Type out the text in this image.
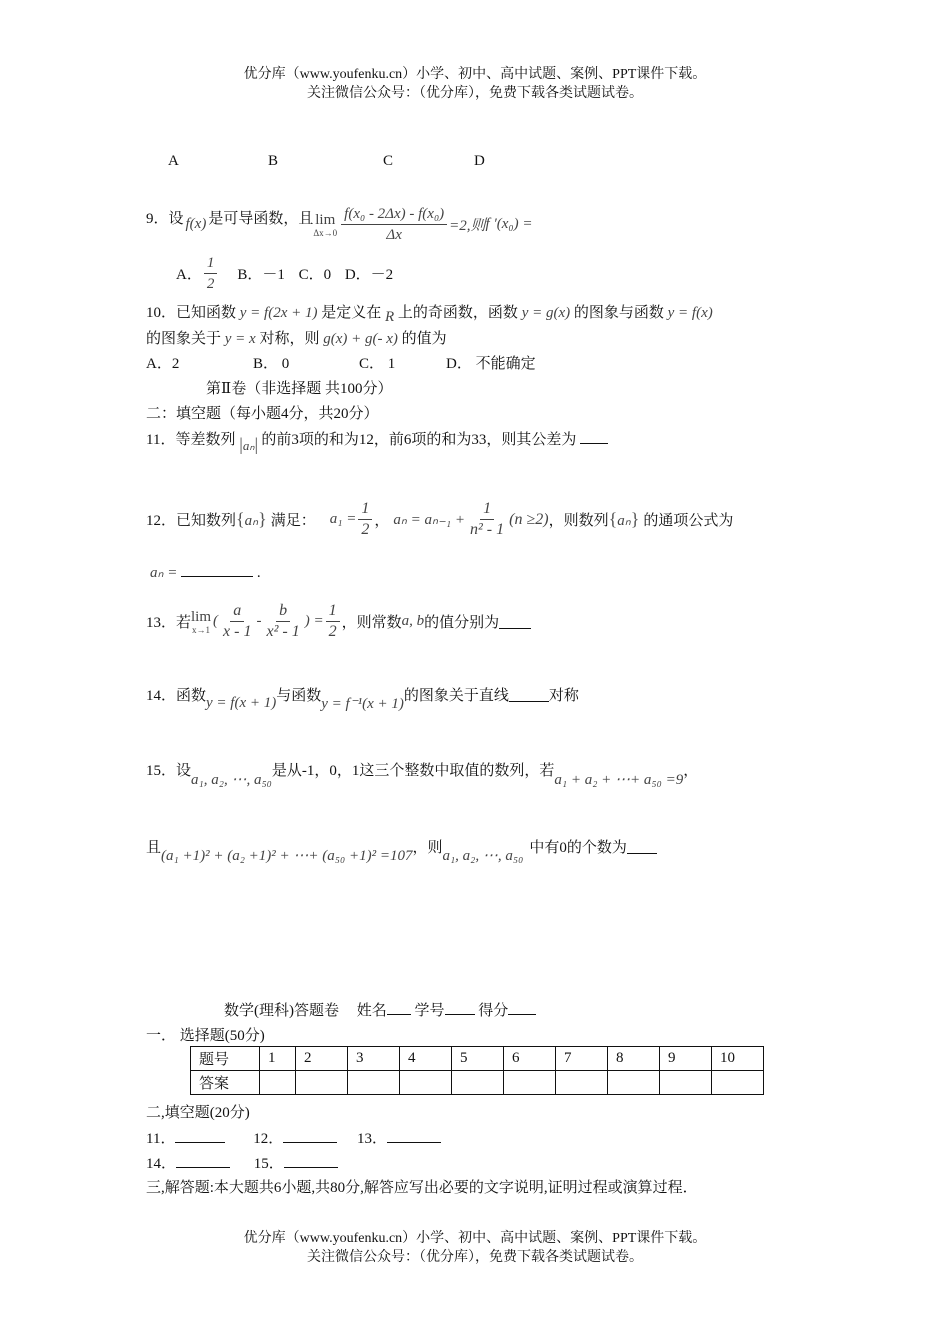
优分库（www.youfenku.cn）小学、初中、高中试题、案例、PPT课件下载。
关注微信公众号：（优分库），免费下载各类试题试卷。
A	B	C	D
9．设 f(x) 是可导函数，且 lim
$\Delta x\to 0 \frac{\text{f(x₀ - 2Δx) - f(x₀)}}{\Delta x} =2$,则 f ′(x₀) =
A． $\frac{1}{2}$ B．－1 C．0 D．－2
10．已知函数 y = f(2x + 1) 是定义在 R 上的奇函数，函数 y = g(x) 的图象与函数 y = f(x)
的图象关于 y = x 对称，则 g(x) + g(- x) 的值为
A．2	B． 0	C． 1	D． 不能确定
第Ⅱ卷（非选择题 共100分）
二：填空题（每小题4分，共20分）
11．等差数列 |aₙ| 的前3项的和为12，前6项的和为33，则其公差为
12．已知数列 {aₙ} 满足： $a_1 = \frac{1}{2}$ ， $a_n = a_{n-1} + \frac{1}{\text{n² - 1}} (n \ge 2)$ ，则数列 {aₙ} 的通项公式为
aₙ =	.
13．若 lim
x→1
( $\frac{a}{x - 1} - \frac{b}{\text{x² - 1}}$ ) = $\frac{1}{2}$ ，则常数 a, b 的值分别为
14．函数 y = f(x + 1) 与函数 y = f⁻¹(x + 1) 的图象关于直线	对称
15．设
a₁, a₂, ⋯, a₅₀
是从-1，0，1这三个整数中取值的数列，若
a₁ + a₂ + ⋯+ a₅₀ =9
，
且 (a₁ +1)² + (a₂ +1)² + ⋯+ (a₅₀ +1)² =107 ，则 a₁, a₂, ⋯, a₅₀ 中有0的个数为
数学(理科)答题卷 姓名 学号 得分
一． 选择题(50分)
题号	1	2	3	4	5	6	7	8	9	10
答案										
二,填空题(20分)
11．	12．	13．
14．	15．
三,解答题:本大题共6小题,共80分,解答应写出必要的文字说明,证明过程或演算过程．
优分库（www.youfenku.cn）小学、初中、高中试题、案例、PPT课件下载。
关注微信公众号：（优分库），免费下载各类试题试卷。
